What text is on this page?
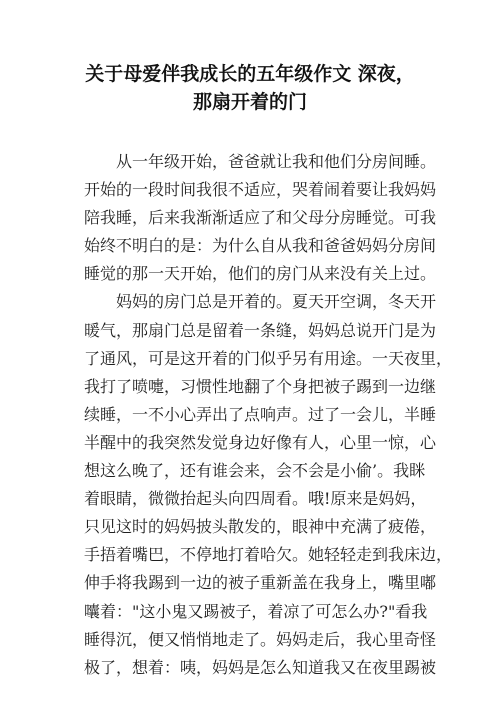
关于母爱伴我成长的五年级作文 深夜，
那扇开着的门
从一年级开始，爸爸就让我和他们分房间睡。
开始的一段时间我很不适应，哭着闹着要让我妈妈
陪我睡，后来我渐渐适应了和父母分房睡觉。可我
始终不明白的是：为什么自从我和爸爸妈妈分房间
睡觉的那一天开始，他们的房门从来没有关上过。
妈妈的房门总是开着的。夏天开空调，冬天开
暖气，那扇门总是留着一条缝，妈妈总说开门是为
了通风，可是这开着的门似乎另有用途。一天夜里，
我打了喷嚏，习惯性地翻了个身把被子踢到一边继
续睡，一不小心弄出了点响声。过了一会儿，半睡
半醒中的我突然发觉身边好像有人，心里一惊，心
想这么晚了，还有谁会来，会不会是小偷’。我眯
着眼睛，微微抬起头向四周看。哦!原来是妈妈，
只见这时的妈妈披头散发的，眼神中充满了疲倦，
手捂着嘴巴，不停地打着哈欠。她轻轻走到我床边，
伸手将我踢到一边的被子重新盖在我身上，嘴里嘟
囔着："这小鬼又踢被子，着凉了可怎么办?"看我
睡得沉，便又悄悄地走了。妈妈走后，我心里奇怪
极了，想着：咦，妈妈是怎么知道我又在夜里踢被
